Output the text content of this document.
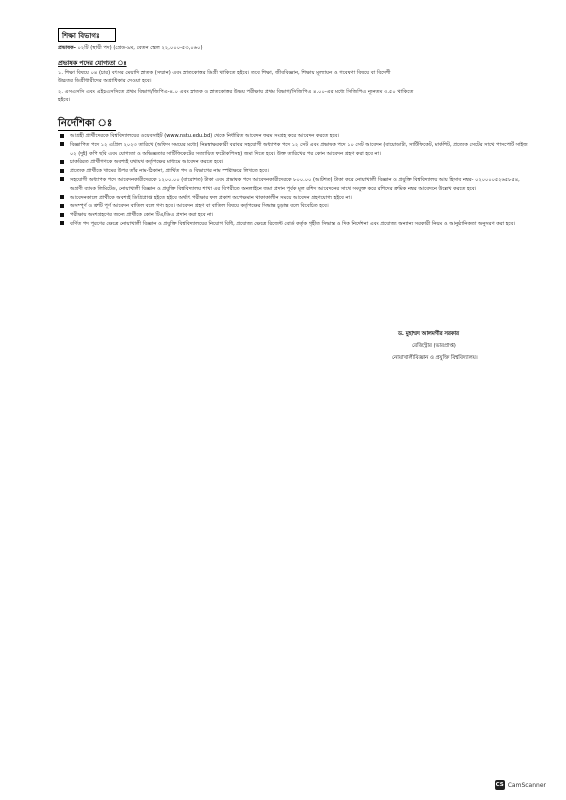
শিক্ষা বিভাগঃ
প্রভাষক- ০২টি (স্থায়ী পদ) (গ্রেড-৯ম, বেতন স্কেল ২২,০০০-৫৩,০৬০)
প্রভাষক পদের যোগ্যতা ঃ
১. শিক্ষা বিষয়ে ০৪ (চার) বৎসর মেয়াদি স্নাতক (সম্মান) এবং স্নাতকোত্তর ডিগ্রী থাকিতে হইবে। তবে শিক্ষা, জীববিজ্ঞান, শিক্ষায় মূল্যায়ন ও গবেষণা বিষয়ে বা বিদেশী
উচ্চতর ডিগ্রীধারীদের অগ্রাধিকার দেওয়া হবে।
২. এসএসসি এবং এইচএসসিতে প্রথম বিভাগ/জিপিএ-৪.০ এবং স্নাতক ও স্নাতকোত্তর উভয় পরীক্ষায় প্রথম বিভাগ/সিজিপিএ ৪.০০-এর মধ্যে সিজিপিএ ন্যূনতম ৩.৫০ থাকিতে
হইবে।
নির্দেশিকা ঃ
আগ্রহী প্রার্থীদেরকে বিশ্ববিদ্যালয়ের ওয়েবসাইট (www.nstu.edu.bd) থেকে নির্ধারিত আবেদন ফরম সংগ্রহ করে আবেদন করতে হবে।
বিজ্ঞাপিত পদে ১২ এপ্রিল ২০২৩ তারিখে (অফিস সময়ের মধ্যে) নিম্নস্বাক্ষরকারী বরাবর সহযোগী অধ্যাপক পদে ১২ সেট এবং প্রভাষক পদে ১০ সেট আবেদন (বায়োডাটা, সার্টিফিকেট, মার্কশিট, প্রত্যেক সেটের সাথে পাসপোর্ট সাইজ ০২ (দুই) কপি ছবি এবং যোগ্যতা ও অভিজ্ঞতার সার্টিফিকেটের সত্যায়িত ফটোকপিসহ) জমা দিতে হবে। উক্ত তারিখের পর কোন আবেদন গ্রহণ করা হবে না।
চাকরিরত প্রার্থীগণকে অবশ্যই যথাযথ কর্তৃপক্ষের মাধ্যমে আবেদন করতে হবে।
প্রত্যেক প্রার্থীকে খামের উপর তাঁর নাম-ঠিকানা, প্রার্থিত পদ ও বিভাগের নাম স্পষ্টাক্ষরে লিখতে হবে।
সহযোগী অধ্যাপক পদে আবেদনকারীদেরকে ১২০০.০০ (বারোশত) টাকা এবং প্রভাষক পদে আবেদনকারীদেরকে ৮০০.০০ (আটশত) টাকা করে নোয়াখালী বিজ্ঞান ও প্রযুক্তি বিশ্ববিদ্যালয় আয় হিসাব নম্বর- ০২০০০০৫২৬৫৮৫৪, অগ্রণী ব্যাংক লিমিটেড, নোয়াখালী বিজ্ঞান ও প্রযুক্তি বিশ্ববিদ্যালয় শাখা এর বিপরীতে অনলাইনে জমা প্রদান পূর্বক মূল রশিদ আবেদনের সাথে সংযুক্ত করে রশিদের ক্রমিক নম্বর আবেদনে উল্লেখ করতে হবে।
আবেদনকালে প্রার্থীকে অবশ্যই ডিগ্রিপ্রাপ্ত হইতে হইবে অর্থাৎ পরীক্ষার ফল প্রকাশ অপেক্ষমান থাকাকালীন সময়ে আবেদন গ্রহণযোগ্য হইবে না।
অসম্পূর্ণ ও ত্রুটি পূর্ণ আবেদন বাতিল বলে গণ্য হবে। আবেদন গ্রহণ বা বাতিল বিষয়ে কর্তৃপক্ষের সিদ্ধান্ত চূড়ান্ত বলে বিবেচিত হবে।
পরীক্ষায় অংশগ্রহণের জন্যে প্রার্থীকে কোন টিএ/ডিএ প্রদান করা হবে না।
বর্ণিত পদ পূরণের ক্ষেত্রে নোয়াখালী বিজ্ঞান ও প্রযুক্তি বিশ্ববিদ্যালয়ের নিয়োগ বিধি, প্রযোজ্য ক্ষেত্রে রিজেন্ট বোর্ড কর্তৃক গৃহীত সিদ্ধান্ত ও দিক নির্দেশনা এবং প্রযোজ্য অন্যান্য সরকারী নিয়ম ও আনুষ্ঠানিকতা অনুসরণ করা হবে।
ড. মুহাম্মদ আলমগীর সরকার
রেজিস্ট্রার (ভারপ্রাপ্ত)
নোয়াখালীবিজ্ঞান ও প্রযুক্তি বিশ্ববিদ্যালয়।
CS CamScanner
